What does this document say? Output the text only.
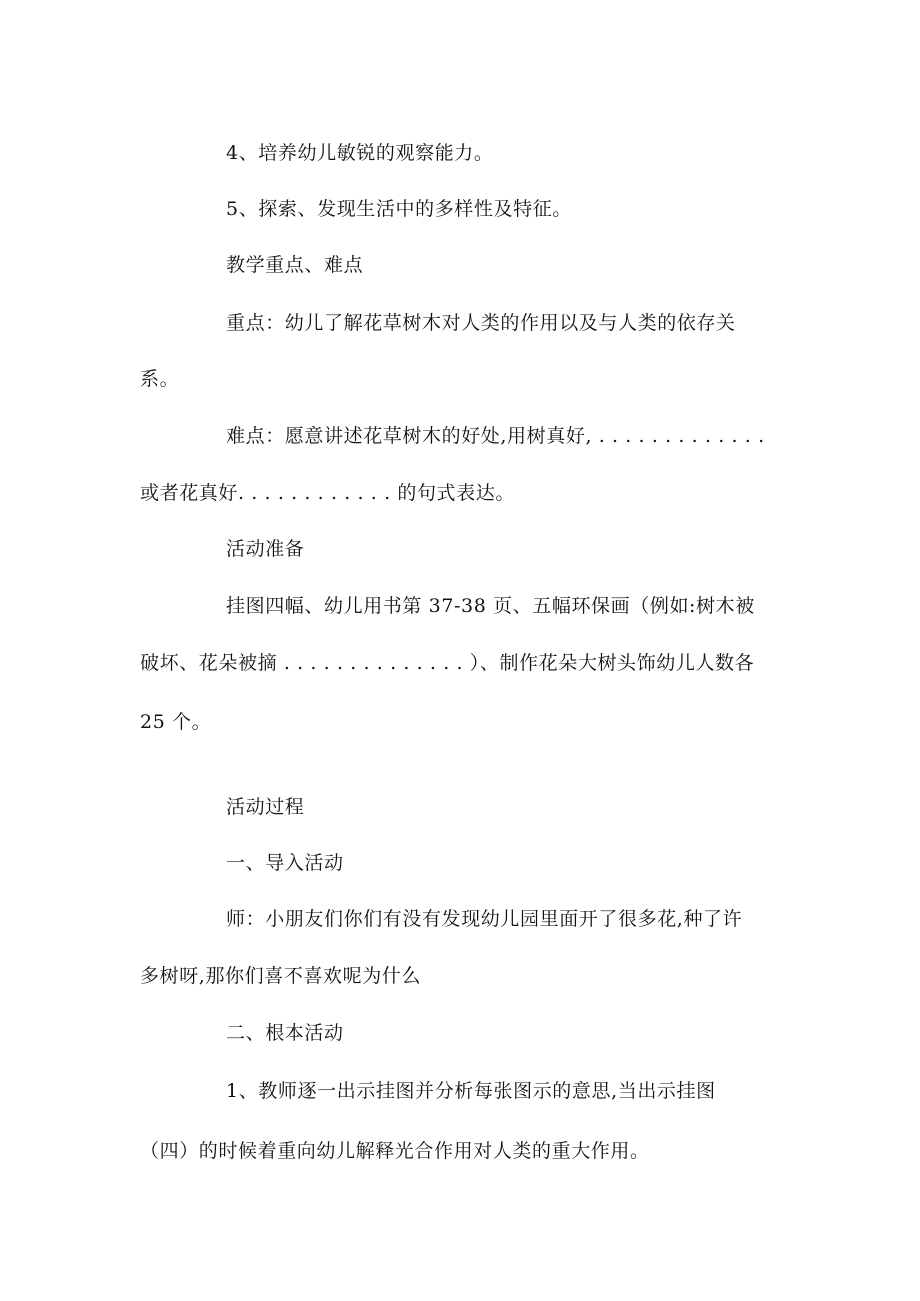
4、培养幼儿敏锐的观察能力。
5、探索、发现生活中的多样性及特征。
教学重点、难点
重点：幼儿了解花草树木对人类的作用以及与人类的依存关
系。
难点：愿意讲述花草树木的好处,用树真好, . . . . . . . . . . . . .
或者花真好. . . . . . . . . . . . 的句式表达。
活动准备
挂图四幅、幼儿用书第 37-38 页、五幅环保画（例如:树木被
破坏、花朵被摘 . . . . . . . . . . . . . . ）、制作花朵大树头饰幼儿人数各
25 个。
活动过程
一、导入活动
师：小朋友们你们有没有发现幼儿园里面开了很多花,种了许
多树呀,那你们喜不喜欢呢为什么
二、根本活动
1、教师逐一出示挂图并分析每张图示的意思,当出示挂图
（四）的时候着重向幼儿解释光合作用对人类的重大作用。
